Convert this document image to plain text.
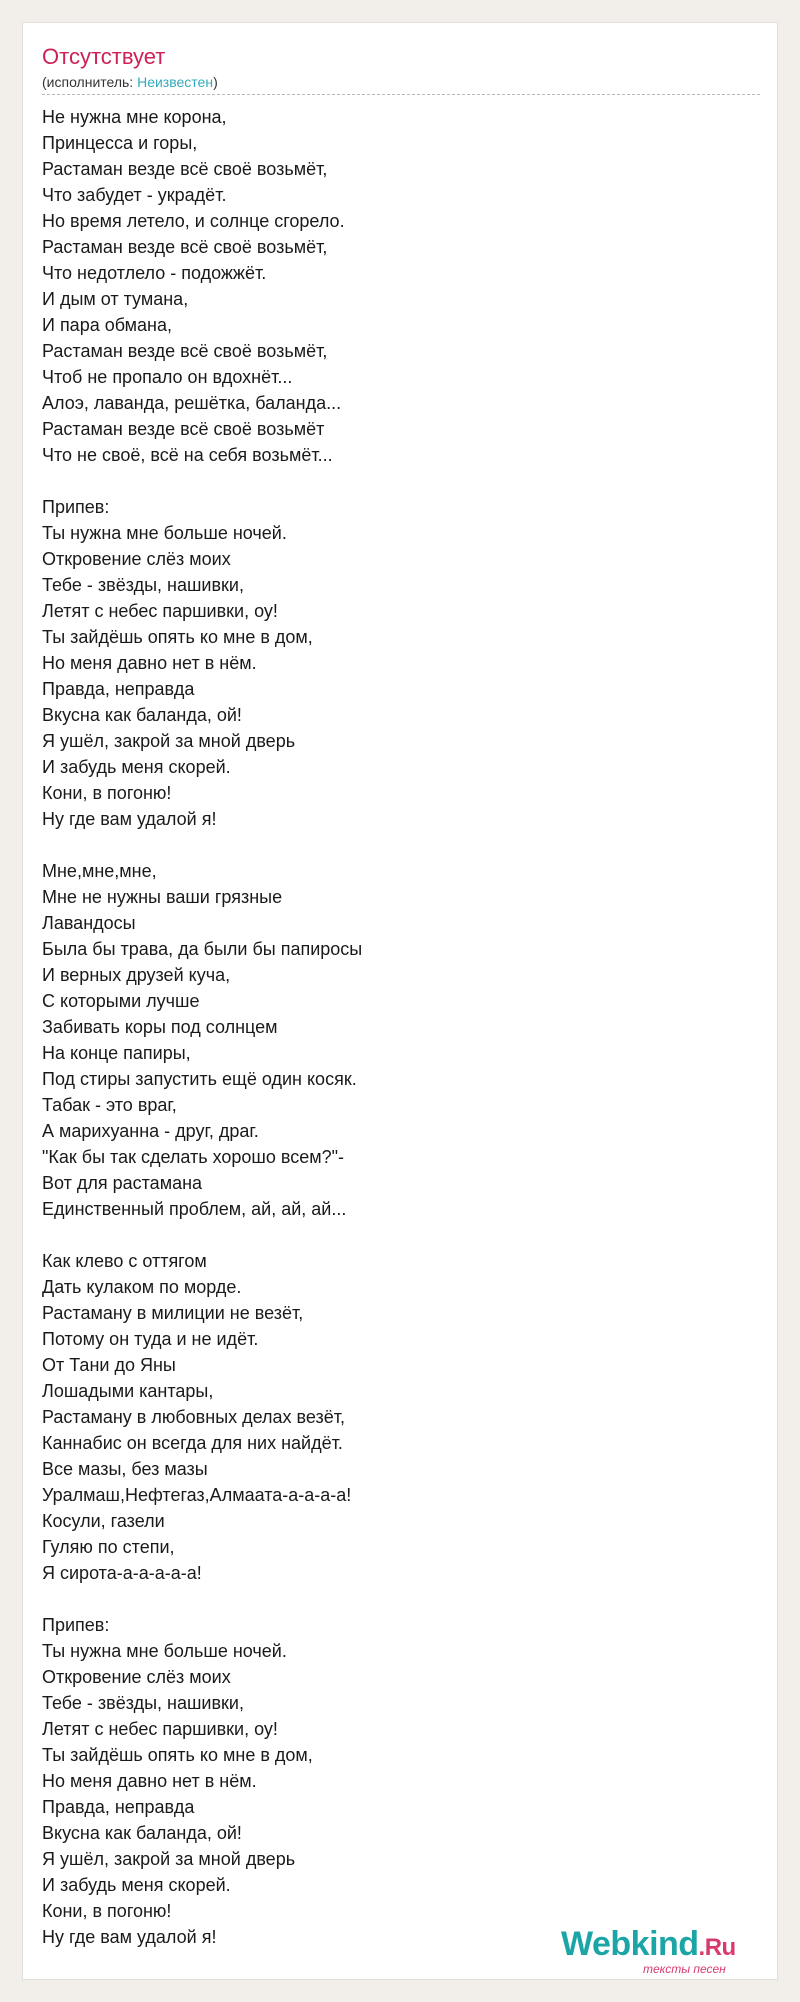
Отсутствует
(исполнитель: Неизвестен)
Не нужна мне корона,
Принцесса и горы,
Растаман везде всё своё возьмёт,
Что забудет - украдёт.
Но время летело, и солнце сгорело.
Растаман везде всё своё возьмёт,
Что недотлело - подожжёт.
И дым от тумана,
И пара обмана,
Растаман везде всё своё возьмёт,
Чтоб не пропало он вдохнёт...
Алоэ, лаванда, решётка, баланда...
Растаман везде всё своё возьмёт
Что не своё, всё на себя возьмёт...
Припев:
Ты нужна мне больше ночей.
Откровение слёз моих
Тебе - звёзды, нашивки,
Летят с небес паршивки, оу!
Ты зайдёшь опять ко мне в дом,
Но меня давно нет в нём.
Правда, неправда
Вкусна как баланда, ой!
Я ушёл, закрой за мной дверь
И забудь меня скорей.
Кони, в погоню!
Ну где вам удалой я!
Мне,мне,мне,
Мне не нужны ваши грязные
Лавандосы
Была бы трава, да были бы папиросы
И верных друзей куча,
С которыми лучше
Забивать коры под солнцем
На конце папиры,
Под стиры запустить ещё один косяк.
Табак - это враг,
А марихуанна - друг, драг.
"Как бы так сделать хорошо всем?"-
Вот для растамана
Единственный проблем, ай, ай, ай...
Как клево с оттягом
Дать кулаком по морде.
Растаману в милиции не везёт,
Потому он туда и не идёт.
От Тани до Яны
Лошадыми кантары,
Растаману в любовных делах везёт,
Каннабис он всегда для них найдёт.
Все мазы, без мазы
Уралмаш,Нефтегаз,Алмаата-а-а-а-а!
Косули, газели
Гуляю по степи,
Я сирота-а-а-а-а-а!
Припев:
Ты нужна мне больше ночей.
Откровение слёз моих
Тебе - звёзды, нашивки,
Летят с небес паршивки, оу!
Ты зайдёшь опять ко мне в дом,
Но меня давно нет в нём.
Правда, неправда
Вкусна как баланда, ой!
Я ушёл, закрой за мной дверь
И забудь меня скорей.
Кони, в погоню!
Ну где вам удалой я!	Webkind.Ru
тексты песен
